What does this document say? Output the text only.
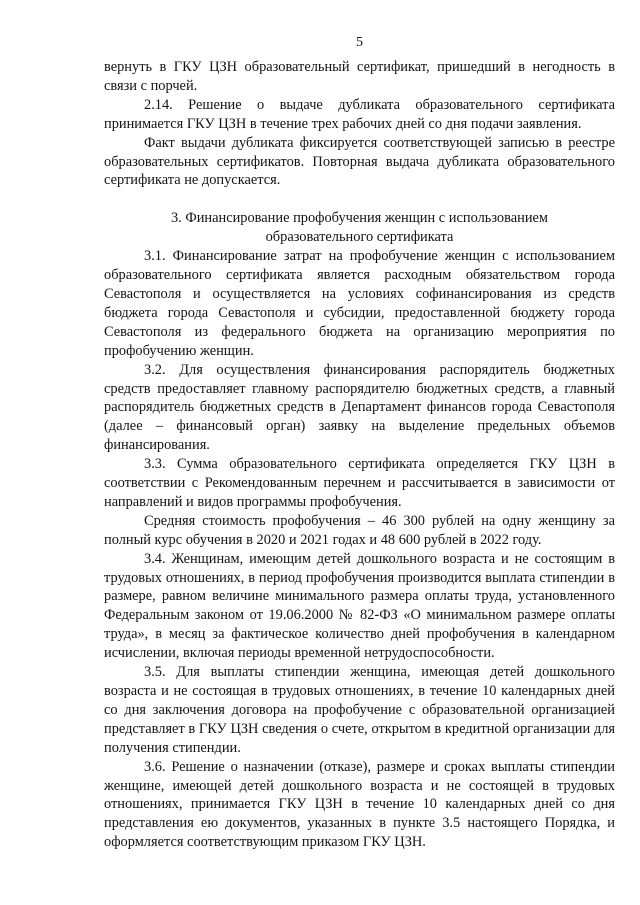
5

вернуть в ГКУ ЦЗН образовательный сертификат, пришедший в негодность в связи с порчей.

2.14. Решение о выдаче дубликата образовательного сертификата принимается ГКУ ЦЗН в течение трех рабочих дней со дня подачи заявления.

Факт выдачи дубликата фиксируется соответствующей записью в реестре образовательных сертификатов. Повторная выдача дубликата образовательного сертификата не допускается.

3. Финансирование профобучения женщин с использованием
образовательного сертификата

3.1. Финансирование затрат на профобучение женщин с использованием образовательного сертификата является расходным обязательством города Севастополя и осуществляется на условиях софинансирования из средств бюджета города Севастополя и субсидии, предоставленной бюджету города Севастополя из федерального бюджета на организацию мероприятия по профобучению женщин.

3.2. Для осуществления финансирования распорядитель бюджетных средств предоставляет главному распорядителю бюджетных средств, а главный распорядитель бюджетных средств в Департамент финансов города Севастополя (далее – финансовый орган) заявку на выделение предельных объемов финансирования.

3.3. Сумма образовательного сертификата определяется ГКУ ЦЗН в соответствии с Рекомендованным перечнем и рассчитывается в зависимости от направлений и видов программы профобучения.

Средняя стоимость профобучения – 46 300 рублей на одну женщину за полный курс обучения в 2020 и 2021 годах и 48 600 рублей в 2022 году.

3.4. Женщинам, имеющим детей дошкольного возраста и не состоящим в трудовых отношениях, в период профобучения производится выплата стипендии в размере, равном величине минимального размера оплаты труда, установленного Федеральным законом от 19.06.2000 № 82-ФЗ «О минимальном размере оплаты труда», в месяц за фактическое количество дней профобучения в календарном исчислении, включая периоды временной нетрудоспособности.

3.5. Для выплаты стипендии женщина, имеющая детей дошкольного возраста и не состоящая в трудовых отношениях, в течение 10 календарных дней со дня заключения договора на профобучение с образовательной организацией представляет в ГКУ ЦЗН сведения о счете, открытом в кредитной организации для получения стипендии.

3.6. Решение о назначении (отказе), размере и сроках выплаты стипендии женщине, имеющей детей дошкольного возраста и не состоящей в трудовых отношениях, принимается ГКУ ЦЗН в течение 10 календарных дней со дня представления ею документов, указанных в пункте 3.5 настоящего Порядка, и оформляется соответствующим приказом ГКУ ЦЗН.
